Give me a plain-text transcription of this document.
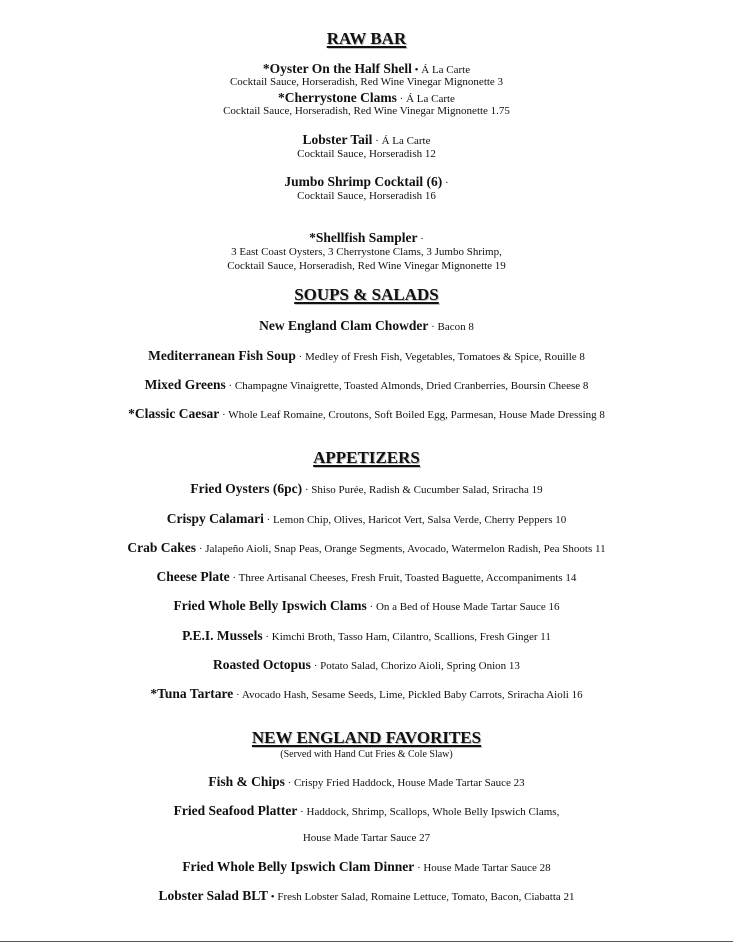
RAW BAR
*Oyster On the Half Shell • Á La Carte
Cocktail Sauce, Horseradish, Red Wine Vinegar Mignonette 3
*Cherrystone Clams · Á La Carte
Cocktail Sauce, Horseradish, Red Wine Vinegar Mignonette 1.75
Lobster Tail · Á La Carte
Cocktail Sauce, Horseradish 12
Jumbo Shrimp Cocktail (6) ·
Cocktail Sauce, Horseradish 16
*Shellfish Sampler ·
3 East Coast Oysters, 3 Cherrystone Clams, 3 Jumbo Shrimp,
Cocktail Sauce, Horseradish, Red Wine Vinegar Mignonette 19
SOUPS & SALADS
New England Clam Chowder · Bacon 8
Mediterranean Fish Soup · Medley of Fresh Fish, Vegetables, Tomatoes & Spice, Rouille 8
Mixed Greens · Champagne Vinaigrette, Toasted Almonds, Dried Cranberries, Boursin Cheese 8
*Classic Caesar · Whole Leaf Romaine, Croutons, Soft Boiled Egg, Parmesan, House Made Dressing 8
APPETIZERS
Fried Oysters (6pc) · Shiso Purée, Radish & Cucumber Salad, Sriracha 19
Crispy Calamari · Lemon Chip, Olives, Haricot Vert, Salsa Verde, Cherry Peppers 10
Crab Cakes · Jalapeño Aioli, Snap Peas, Orange Segments, Avocado, Watermelon Radish, Pea Shoots 11
Cheese Plate · Three Artisanal Cheeses, Fresh Fruit, Toasted Baguette, Accompaniments 14
Fried Whole Belly Ipswich Clams · On a Bed of House Made Tartar Sauce 16
P.E.I. Mussels · Kimchi Broth, Tasso Ham, Cilantro, Scallions, Fresh Ginger 11
Roasted Octopus · Potato Salad, Chorizo Aioli, Spring Onion 13
*Tuna Tartare · Avocado Hash, Sesame Seeds, Lime, Pickled Baby Carrots, Sriracha Aioli 16
NEW ENGLAND FAVORITES
(Served with Hand Cut Fries & Cole Slaw)
Fish & Chips · Crispy Fried Haddock, House Made Tartar Sauce 23
Fried Seafood Platter · Haddock, Shrimp, Scallops, Whole Belly Ipswich Clams,
House Made Tartar Sauce 27
Fried Whole Belly Ipswich Clam Dinner · House Made Tartar Sauce 28
Lobster Salad BLT • Fresh Lobster Salad, Romaine Lettuce, Tomato, Bacon, Ciabatta 21
